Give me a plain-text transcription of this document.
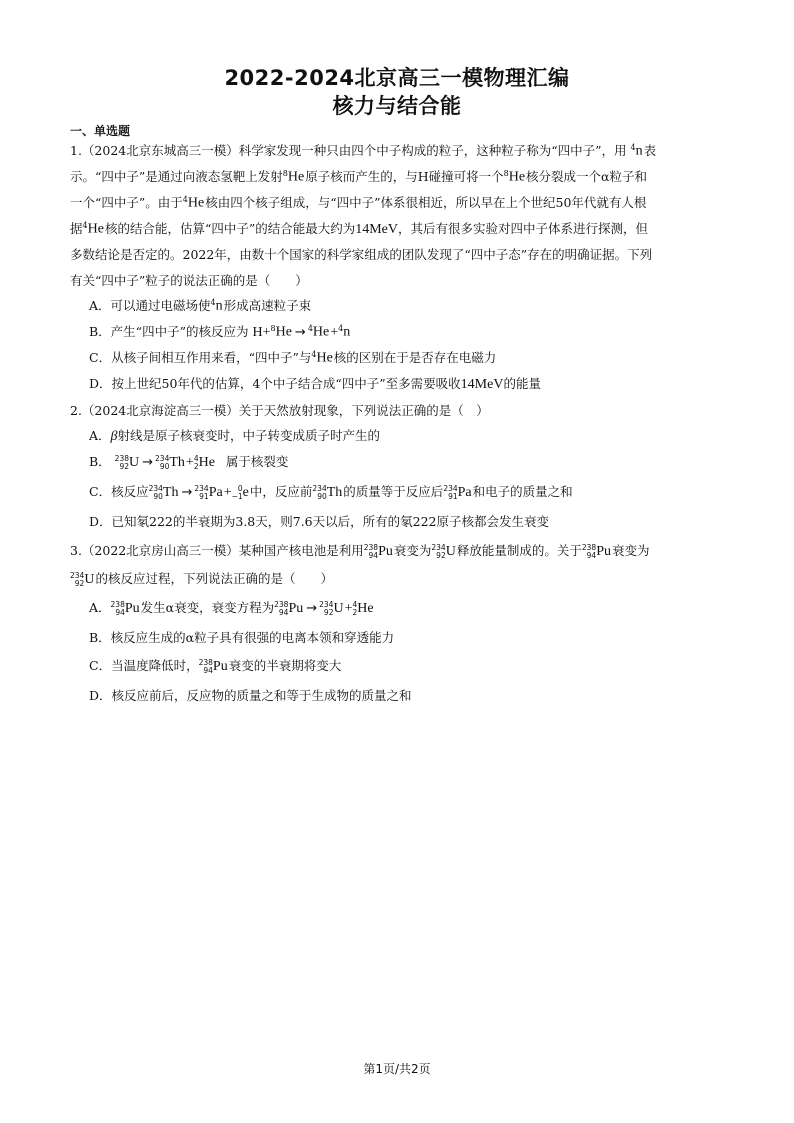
2022-2024北京高三一模物理汇编
核力与结合能
一、单选题
1.（2024北京东城高三一模）科学家发现一种只由四个中子构成的粒子，这种粒子称为“四中子”，用 $^4$n表
示。“四中子”是通过向液态氢靶上发射$^8$He原子核而产生的，与H碰撞可将一个$^8$He核分裂成一个α粒子和
一个“四中子”。由于$^4$He核由四个核子组成，与“四中子”体系很相近，所以早在上个世纪50年代就有人根
据$^4$He核的结合能，估算“四中子”的结合能最大约为14MeV，其后有很多实验对四中子体系进行探测，但
多数结论是否定的。2022年，由数十个国家的科学家组成的团队发现了“四中子态”存在的明确证据。下列
有关“四中子”粒子的说法正确的是（　　）
A．可以通过电磁场使$^4$n形成高速粒子束
B．产生“四中子”的核反应为 H+$^8$He → $^4$He+$^4$n
C．从核子间相互作用来看，“四中子”与$^4$He核的区别在于是否存在电磁力
D．按上世纪50年代的估算，4个中子结合成“四中子”至多需要吸收14MeV的能量
2.（2024北京海淀高三一模）关于天然放射现象，下列说法正确的是（　）
A．β射线是原子核衰变时，中子转变成质子时产生的
B． 238
92 U → 234
90 Th+ 4
2 He 属于核裂变
C．核反应 234
90 Th → 234
91 Pa+ 0
−1 e中，反应前 234
90 Th的质量等于反应后 234
91 Pa和电子的质量之和
D．已知氡222的半衰期为3.8天，则7.6天以后，所有的氡222原子核都会发生衰变
3.（2022北京房山高三一模）某种国产核电池是利用 238
94 Pu衰变为 234
92 U释放能量制成的。关于 238
94 Pu衰变为
234
92 U的核反应过程，下列说法正确的是（　　）
A． 238
94 Pu发生α衰变，衰变方程为 238
94 Pu → 234
92 U+ 4
2 He
B．核反应生成的α粒子具有很强的电离本领和穿透能力
C．当温度降低时， 238
94 Pu衰变的半衰期将变大
D．核反应前后，反应物的质量之和等于生成物的质量之和
第1页/共2页
